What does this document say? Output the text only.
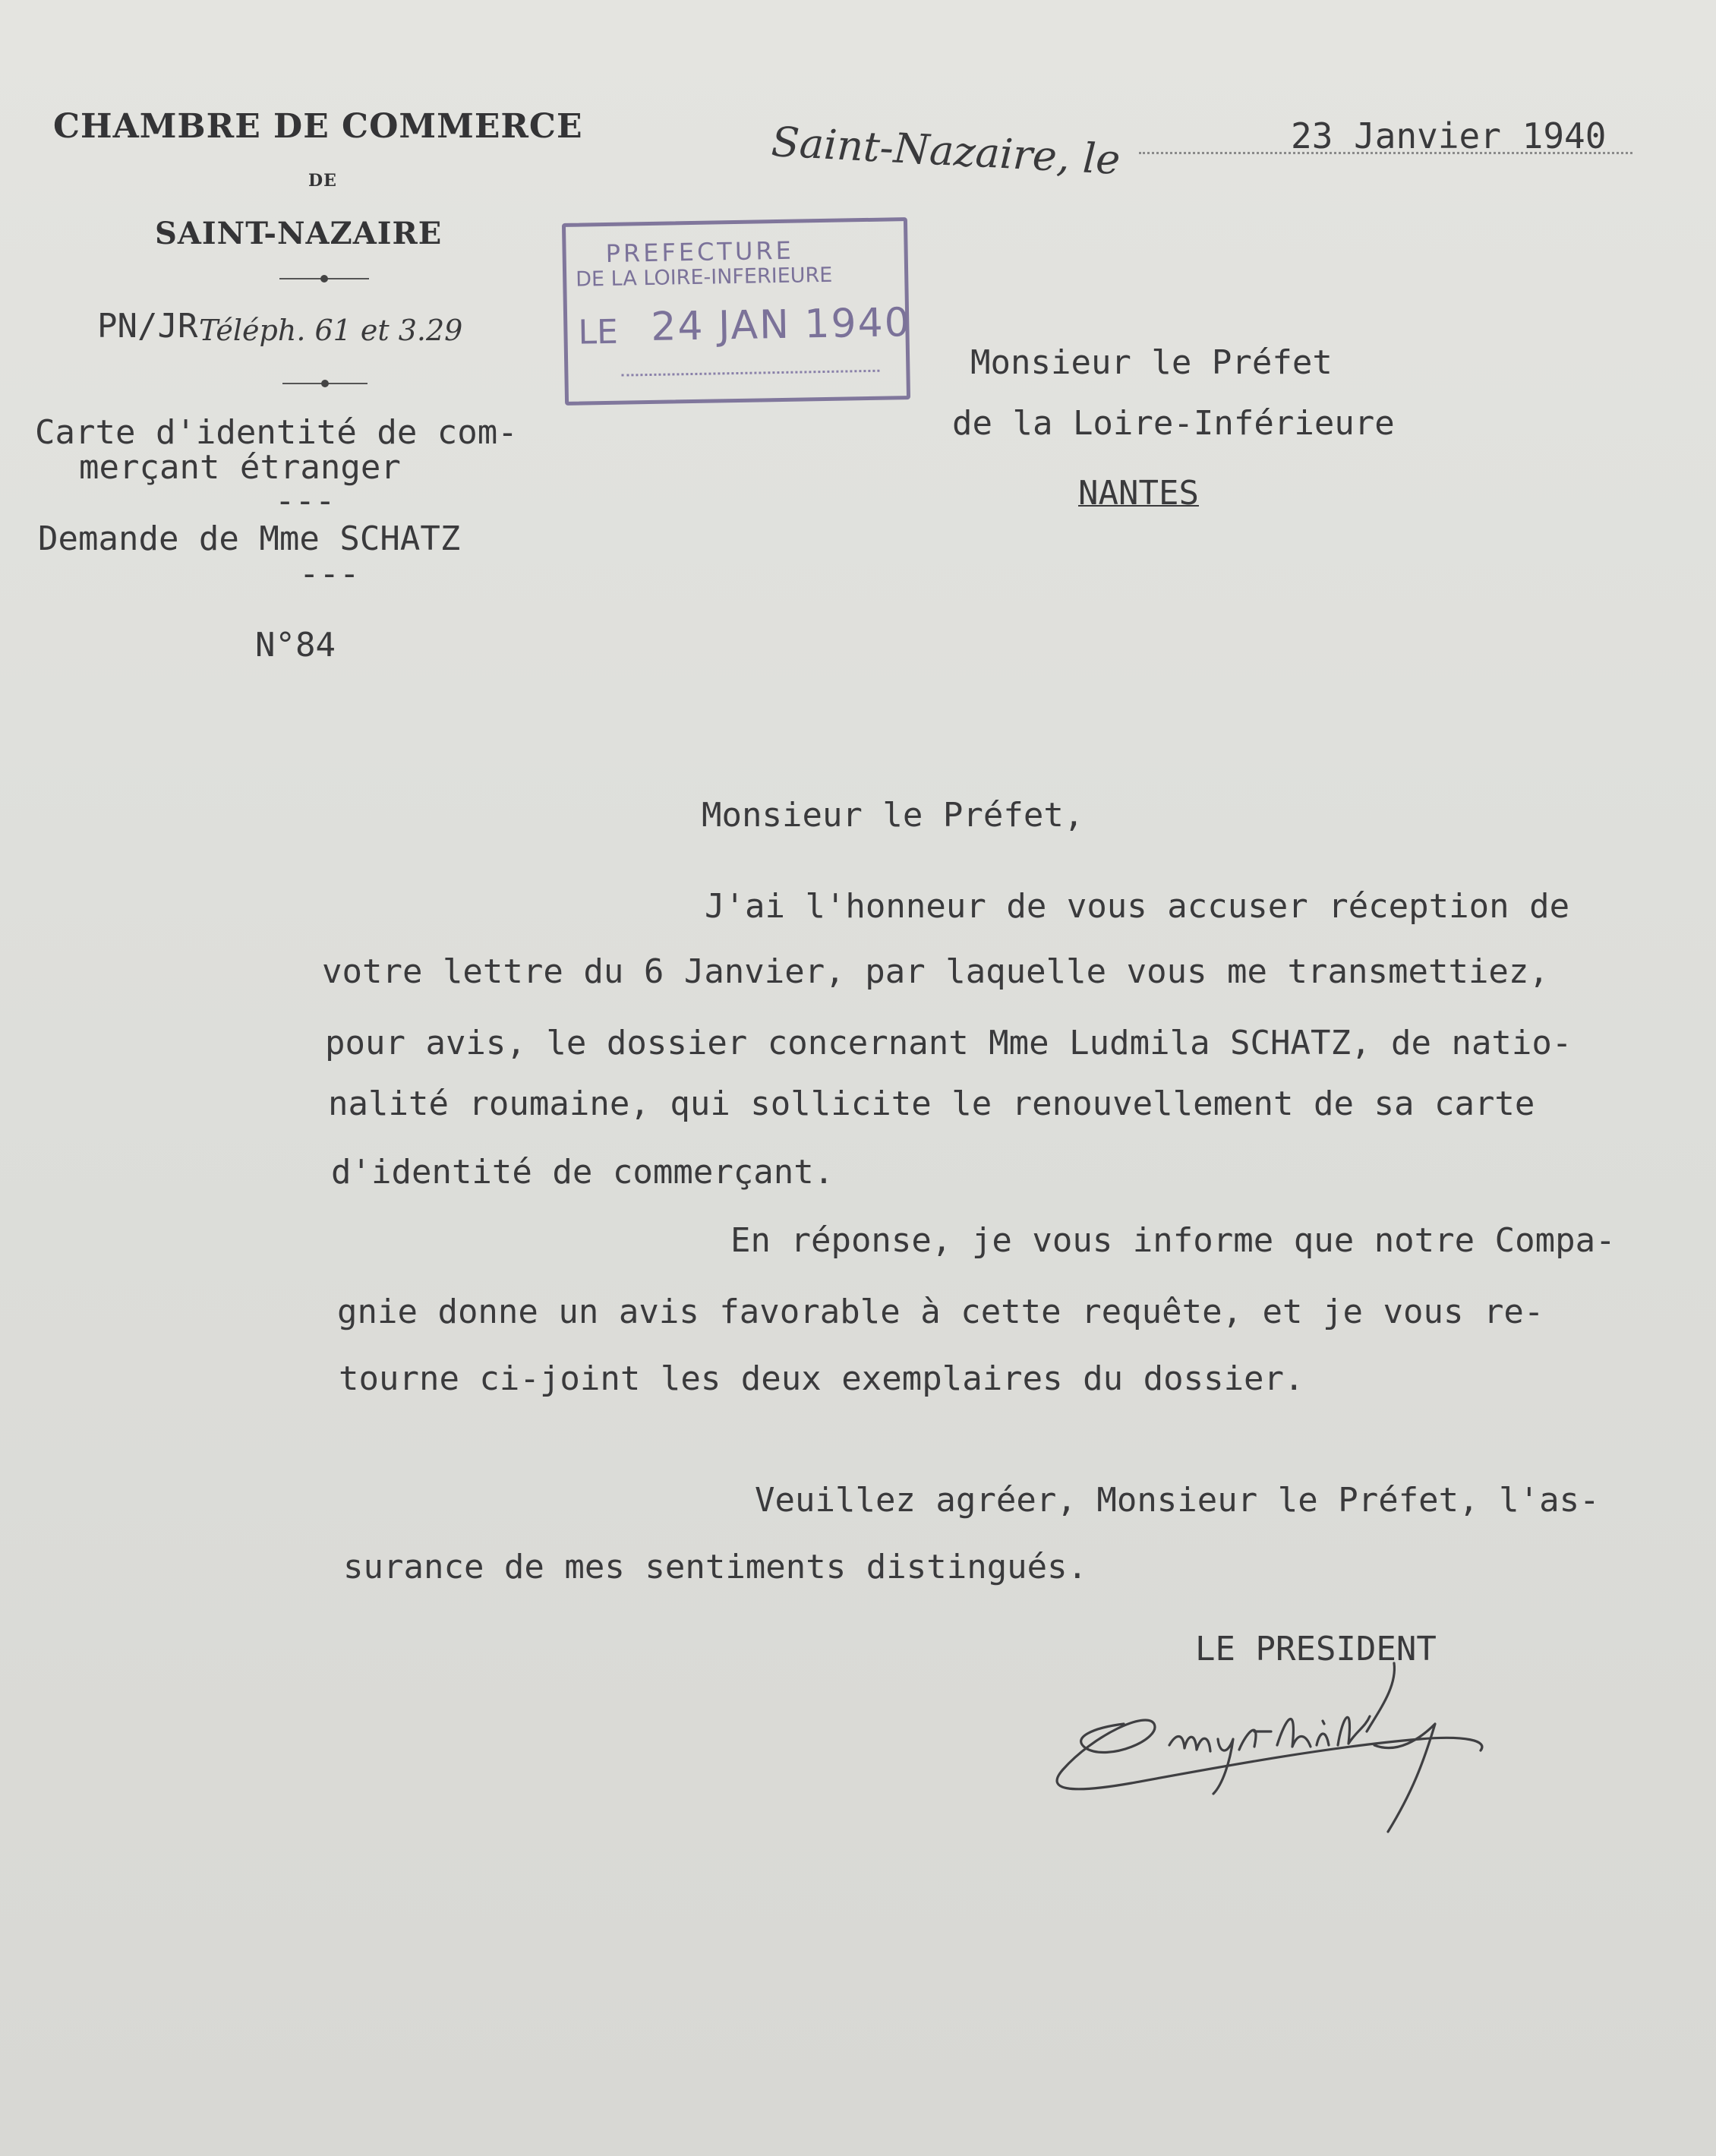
CHAMBRE DE COMMERCE
DE
SAINT-NAZAIRE
PN/JR Téléph. 61 et 3.29
Carte d'identité de com-
merçant étranger
---
Demande de Mme SCHATZ
---
N°84
Saint-Nazaire, le	23 Janvier 1940
PREFECTURE
DE LA LOIRE-INFERIEURE
LE 24 JAN 1940
Monsieur le Préfet
de la Loire-Inférieure
NANTES
Monsieur le Préfet,
J'ai l'honneur de vous accuser réception de
votre lettre du 6 Janvier, par laquelle vous me transmettiez,
pour avis, le dossier concernant Mme Ludmila SCHATZ, de natio-
nalité roumaine, qui sollicite le renouvellement de sa carte
d'identité de commerçant.
En réponse, je vous informe que notre Compa-
gnie donne un avis favorable à cette requête, et je vous re-
tourne ci-joint les deux exemplaires du dossier.
Veuillez agréer, Monsieur le Préfet, l'as-
surance de mes sentiments distingués.
LE PRESIDENT
